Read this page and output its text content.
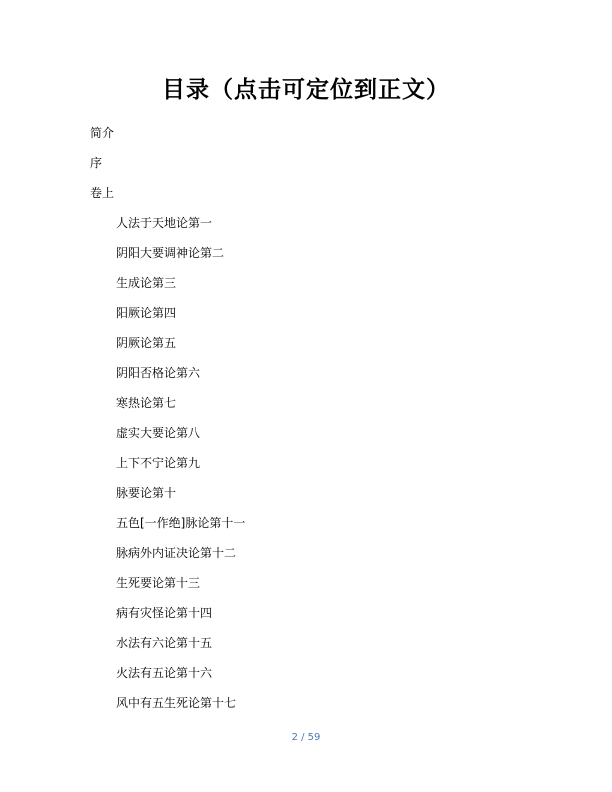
目录（点击可定位到正文）
简介
序
卷上
人法于天地论第一
阴阳大要调神论第二
生成论第三
阳厥论第四
阴厥论第五
阴阳否格论第六
寒热论第七
虚实大要论第八
上下不宁论第九
脉要论第十
五色[一作绝]脉论第十一
脉病外内证决论第十二
生死要论第十三
病有灾怪论第十四
水法有六论第十五
火法有五论第十六
风中有五生死论第十七
2 / 59
